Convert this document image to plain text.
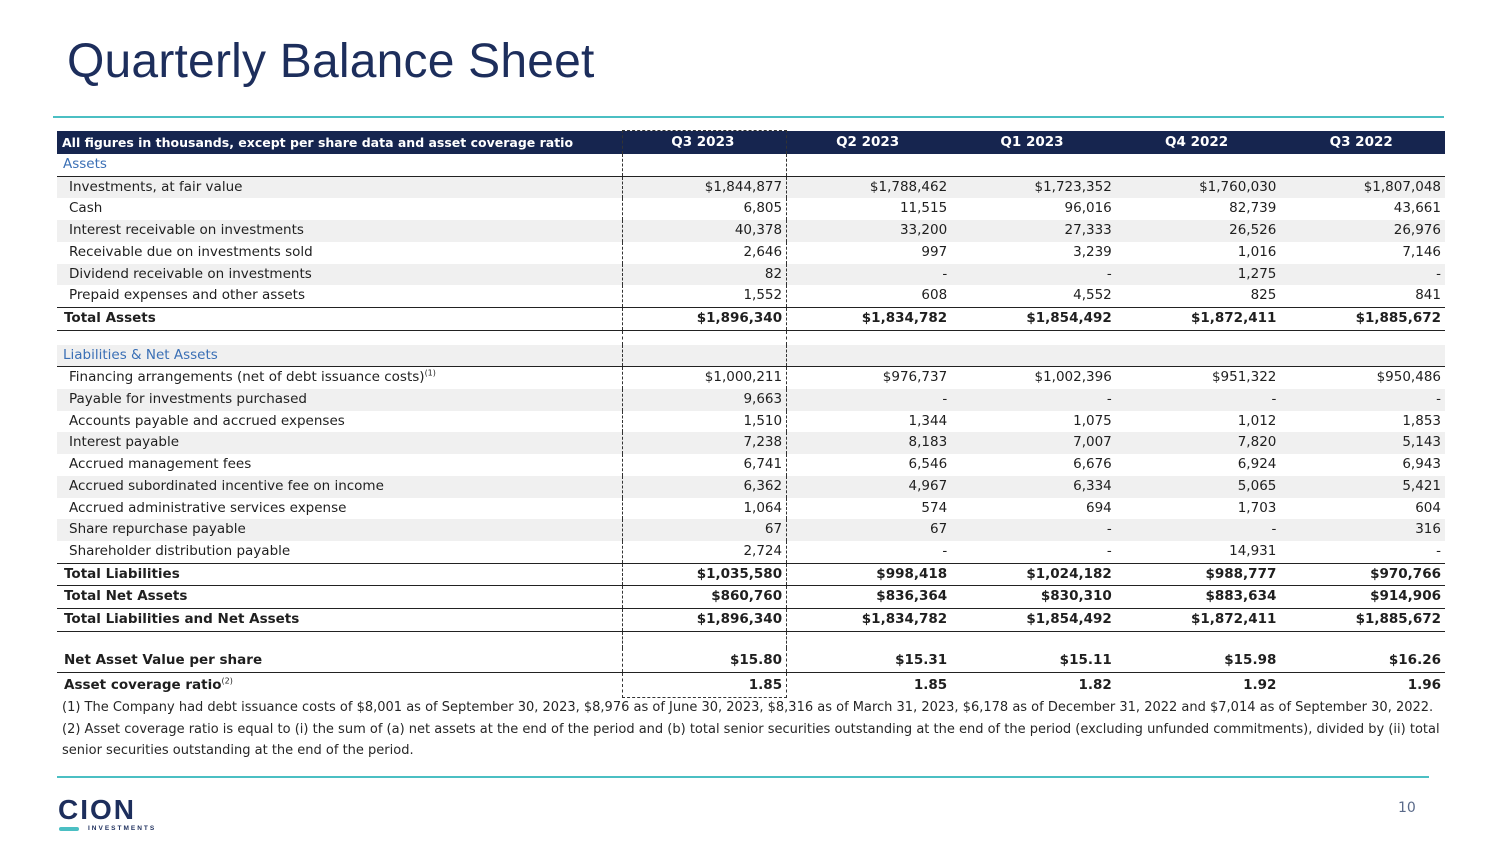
Quarterly Balance Sheet
All figures in thousands, except per share data and asset coverage ratio	Q3 2023	Q2 2023	Q1 2023	Q4 2022	Q3 2022
Assets					
Investments, at fair value	$1,844,877	$1,788,462	$1,723,352	$1,760,030	$1,807,048
Cash	6,805	11,515	96,016	82,739	43,661
Interest receivable on investments	40,378	33,200	27,333	26,526	26,976
Receivable due on investments sold	2,646	997	3,239	1,016	7,146
Dividend receivable on investments	82	-	-	1,275	-
Prepaid expenses and other assets	1,552	608	4,552	825	841
Total Assets	$1,896,340	$1,834,782	$1,854,492	$1,872,411	$1,885,672

Liabilities & Net Assets					
Financing arrangements (net of debt issuance costs)$^{(1)}$	$1,000,211	$976,737	$1,002,396	$951,322	$950,486
Payable for investments purchased	9,663	-	-	-	-
Accounts payable and accrued expenses	1,510	1,344	1,075	1,012	1,853
Interest payable	7,238	8,183	7,007	7,820	5,143
Accrued management fees	6,741	6,546	6,676	6,924	6,943
Accrued subordinated incentive fee on income	6,362	4,967	6,334	5,065	5,421
Accrued administrative services expense	1,064	574	694	1,703	604
Share repurchase payable	67	67	-	-	316
Shareholder distribution payable	2,724	-	-	14,931	-
Total Liabilities	$1,035,580	$998,418	$1,024,182	$988,777	$970,766
Total Net Assets	$860,760	$836,364	$830,310	$883,634	$914,906
Total Liabilities and Net Assets	$1,896,340	$1,834,782	$1,854,492	$1,872,411	$1,885,672

Net Asset Value per share	$15.80	$15.31	$15.11	$15.98	$16.26
Asset coverage ratio$^{(2)}$	1.85	1.85	1.82	1.92	1.96

(1) The Company had debt issuance costs of $8,001 as of September 30, 2023, $8,976 as of June 30, 2023, $8,316 as of March 31, 2023, $6,178 as of December 31, 2022 and $7,014 as of September 30, 2022.

(2) Asset coverage ratio is equal to (i) the sum of (a) net assets at the end of the period and (b) total senior securities outstanding at the end of the period (excluding unfunded commitments), divided by (ii) total senior securities outstanding at the end of the period.

CION
INVESTMENTS
10
